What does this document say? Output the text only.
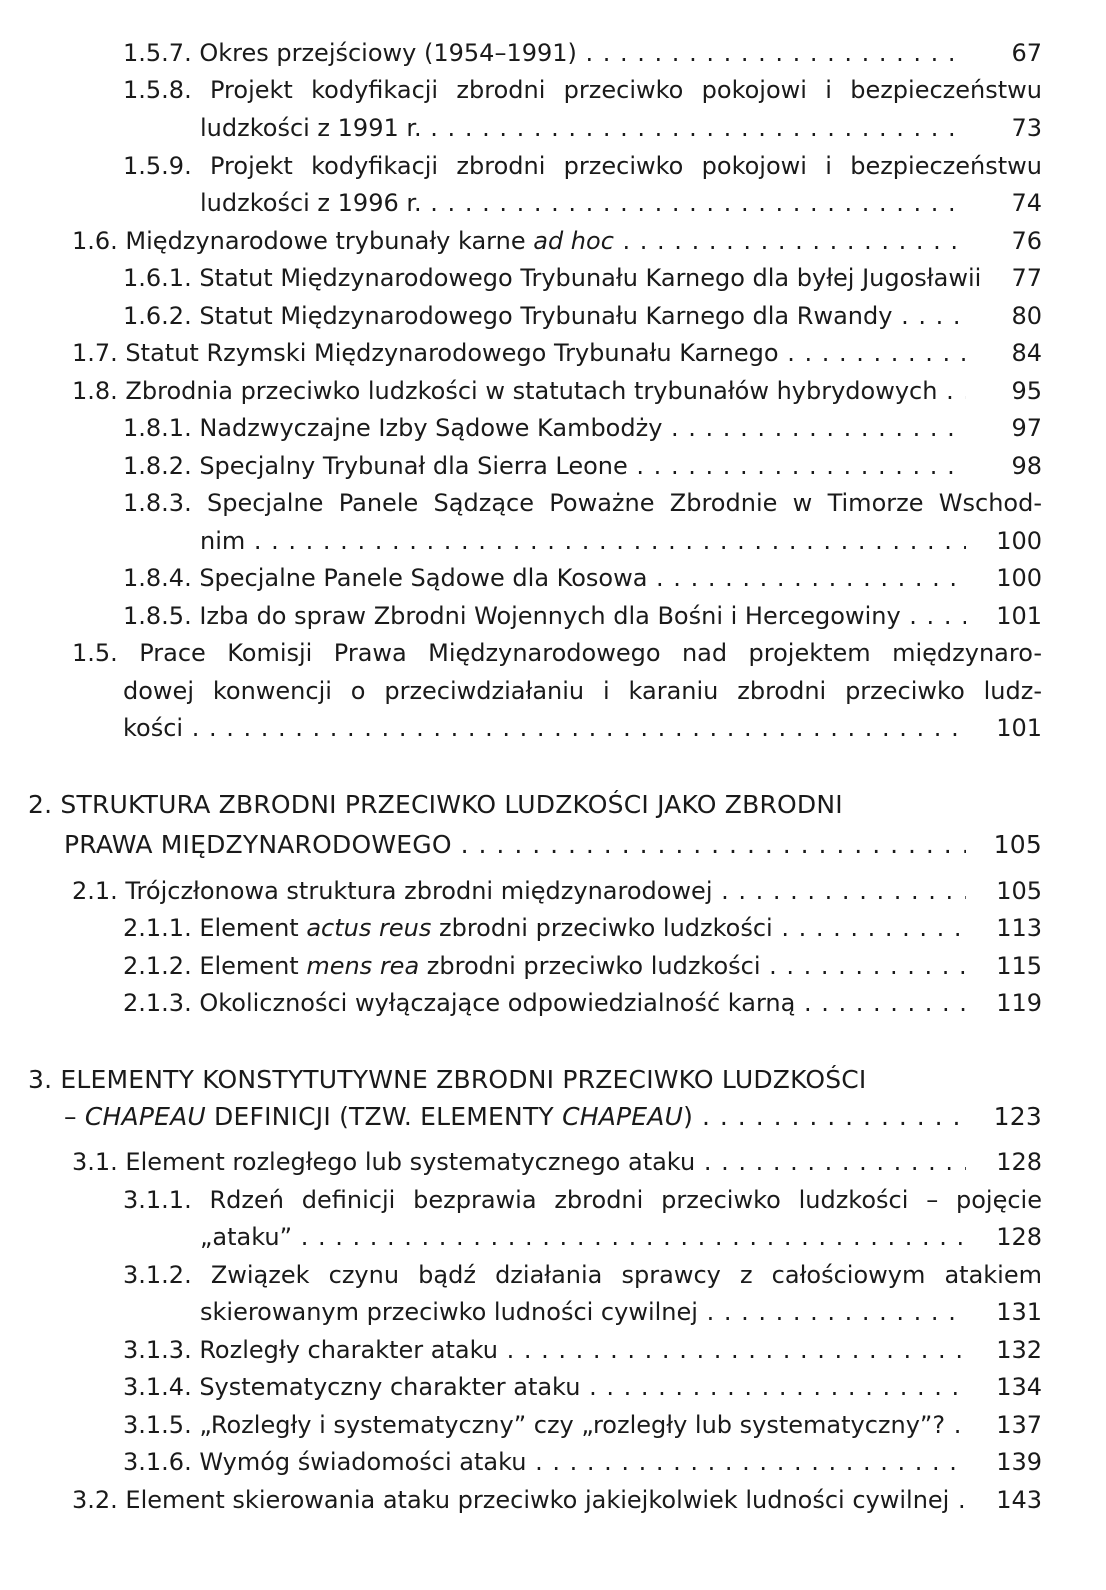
1.5.7. Okres przejściowy (1954–1991) . . .	67
1.5.8. Projekt kodyfikacji zbrodni przeciwko pokojowi i bezpieczeństwu
ludzkości z 1991 r. . . .	73
1.5.9. Projekt kodyfikacji zbrodni przeciwko pokojowi i bezpieczeństwu
ludzkości z 1996 r. . . .	74
1.6. Międzynarodowe trybunały karne ad hoc . . .	76
1.6.1. Statut Międzynarodowego Trybunału Karnego dla byłej Jugosławii	77
1.6.2. Statut Międzynarodowego Trybunału Karnego dla Rwandy . . .	80
1.7. Statut Rzymski Międzynarodowego Trybunału Karnego . . .	84
1.8. Zbrodnia przeciwko ludzkości w statutach trybunałów hybrydowych . . .	95
1.8.1. Nadzwyczajne Izby Sądowe Kambodży . . .	97
1.8.2. Specjalny Trybunał dla Sierra Leone . . .	98
1.8.3. Specjalne Panele Sądzące Poważne Zbrodnie w Timorze Wschod-
nim . . .	100
1.8.4. Specjalne Panele Sądowe dla Kosowa . . .	100
1.8.5. Izba do spraw Zbrodni Wojennych dla Bośni i Hercegowiny . . .	101
1.5. Prace Komisji Prawa Międzynarodowego nad projektem międzynaro-
dowej konwencji o przeciwdziałaniu i karaniu zbrodni przeciwko ludz-
kości . . .	101
2. STRUKTURA ZBRODNI PRZECIWKO LUDZKOŚCI JAKO ZBRODNI
PRAWA MIĘDZYNARODOWEGO . . .	105
2.1. Trójczłonowa struktura zbrodni międzynarodowej . . .	105
2.1.1. Element actus reus zbrodni przeciwko ludzkości . . .	113
2.1.2. Element mens rea zbrodni przeciwko ludzkości . . .	115
2.1.3. Okoliczności wyłączające odpowiedzialność karną . . .	119
3. ELEMENTY KONSTYTUTYWNE ZBRODNI PRZECIWKO LUDZKOŚCI
– CHAPEAU DEFINICJI (TZW. ELEMENTY CHAPEAU) . . .	123
3.1. Element rozległego lub systematycznego ataku . . .	128
3.1.1. Rdzeń definicji bezprawia zbrodni przeciwko ludzkości – pojęcie
„ataku” . . .	128
3.1.2. Związek czynu bądź działania sprawcy z całościowym atakiem
skierowanym przeciwko ludności cywilnej . . .	131
3.1.3. Rozległy charakter ataku . . .	132
3.1.4. Systematyczny charakter ataku . . .	134
3.1.5. „Rozległy i systematyczny” czy „rozległy lub systematyczny”? . . .	137
3.1.6. Wymóg świadomości ataku . . .	139
3.2. Element skierowania ataku przeciwko jakiejkolwiek ludności cywilnej . . .	143
